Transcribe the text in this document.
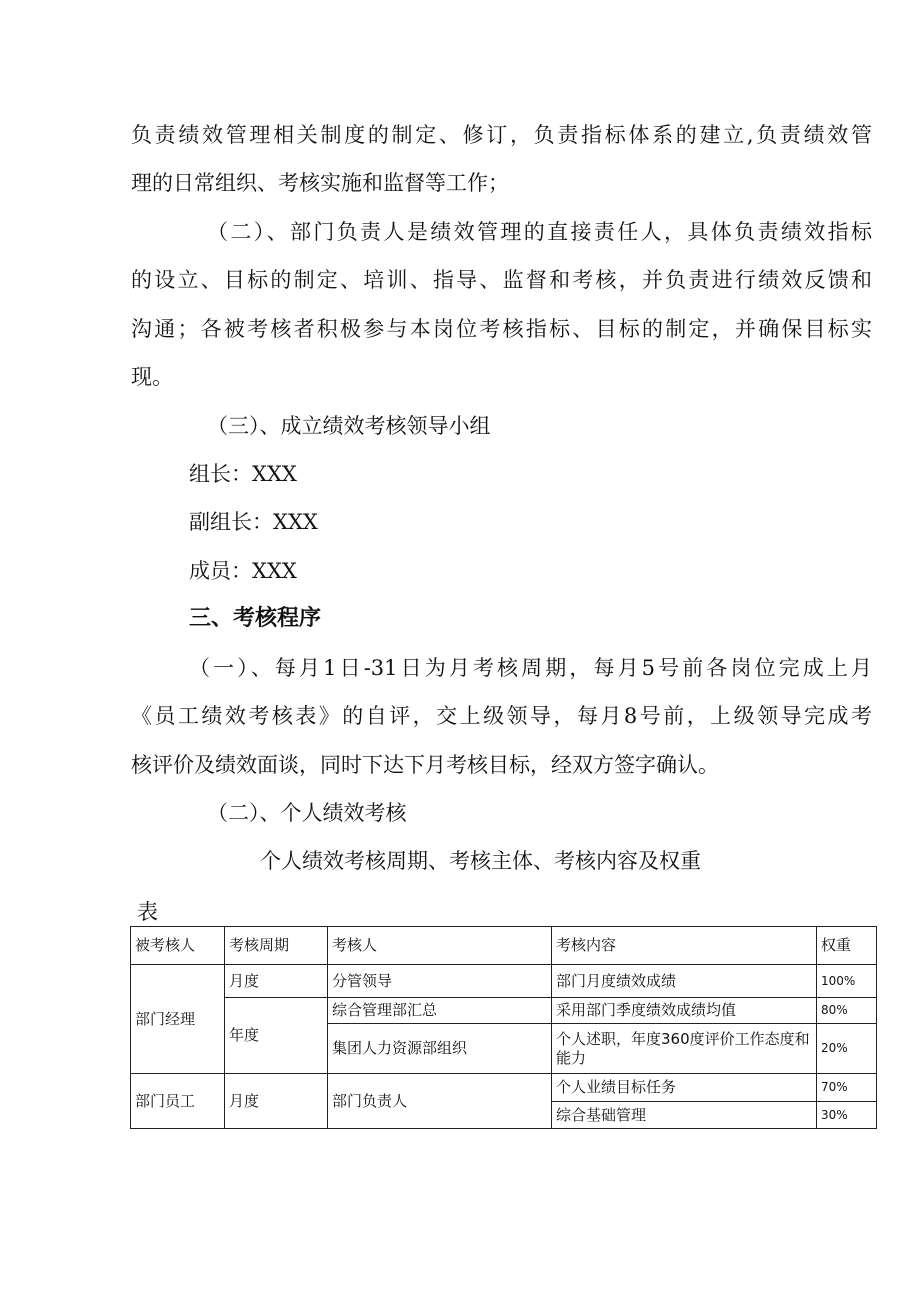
负责绩效管理相关制度的制定、修订，负责指标体系的建立,负责绩效管
理的日常组织、考核实施和监督等工作；
（二）、部门负责人是绩效管理的直接责任人，具体负责绩效指标
的设立、目标的制定、培训、指导、监督和考核，并负责进行绩效反馈和
沟通；各被考核者积极参与本岗位考核指标、目标的制定，并确保目标实
现。
（三）、成立绩效考核领导小组
组长：XXX
副组长：XXX
成员：XXX
三、考核程序
（一）、每月1日-31日为月考核周期，每月5号前各岗位完成上月
《员工绩效考核表》的自评，交上级领导，每月8号前，上级领导完成考
核评价及绩效面谈，同时下达下月考核目标，经双方签字确认。
（二）、个人绩效考核
个人绩效考核周期、考核主体、考核内容及权重
表
被考核人	考核周期	考核人	考核内容	权重
部门经理	月度	分管领导	部门月度绩效成绩	100%
	年度	综合管理部汇总	采用部门季度绩效成绩均值	80%
		集团人力资源部组织	个人述职，年度360度评价工作态度和能力	20%
部门员工	月度	部门负责人	个人业绩目标任务	70%
			综合基础管理	30%
